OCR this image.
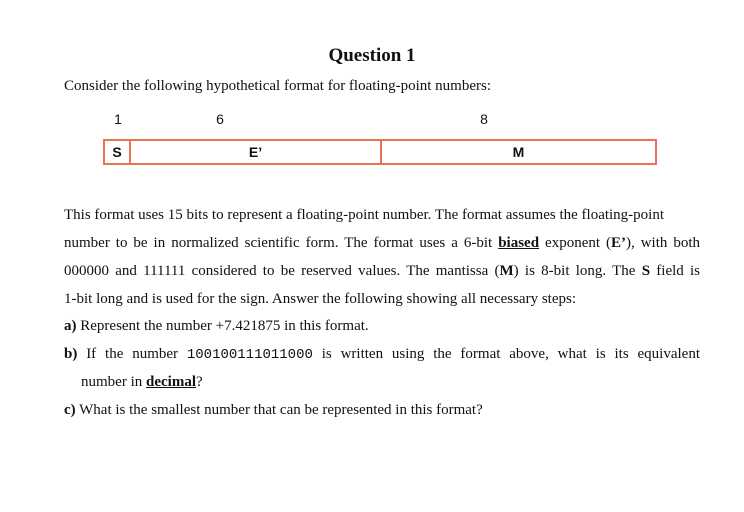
Question 1
Consider the following hypothetical format for floating-point numbers:
1	6	8
S	E’	M
This format uses 15 bits to represent a floating-point number. The format assumes the floating-point
number to be in normalized scientific form. The format uses a 6-bit biased exponent (E’), with both
000000 and 111111 considered to be reserved values. The mantissa (M) is 8-bit long. The S field is
1-bit long and is used for the sign. Answer the following showing all necessary steps:
a) Represent the number +7.421875 in this format.
b) If the number 100100111011000 is written using the format above, what is its equivalent
number in decimal?
c) What is the smallest number that can be represented in this format?
